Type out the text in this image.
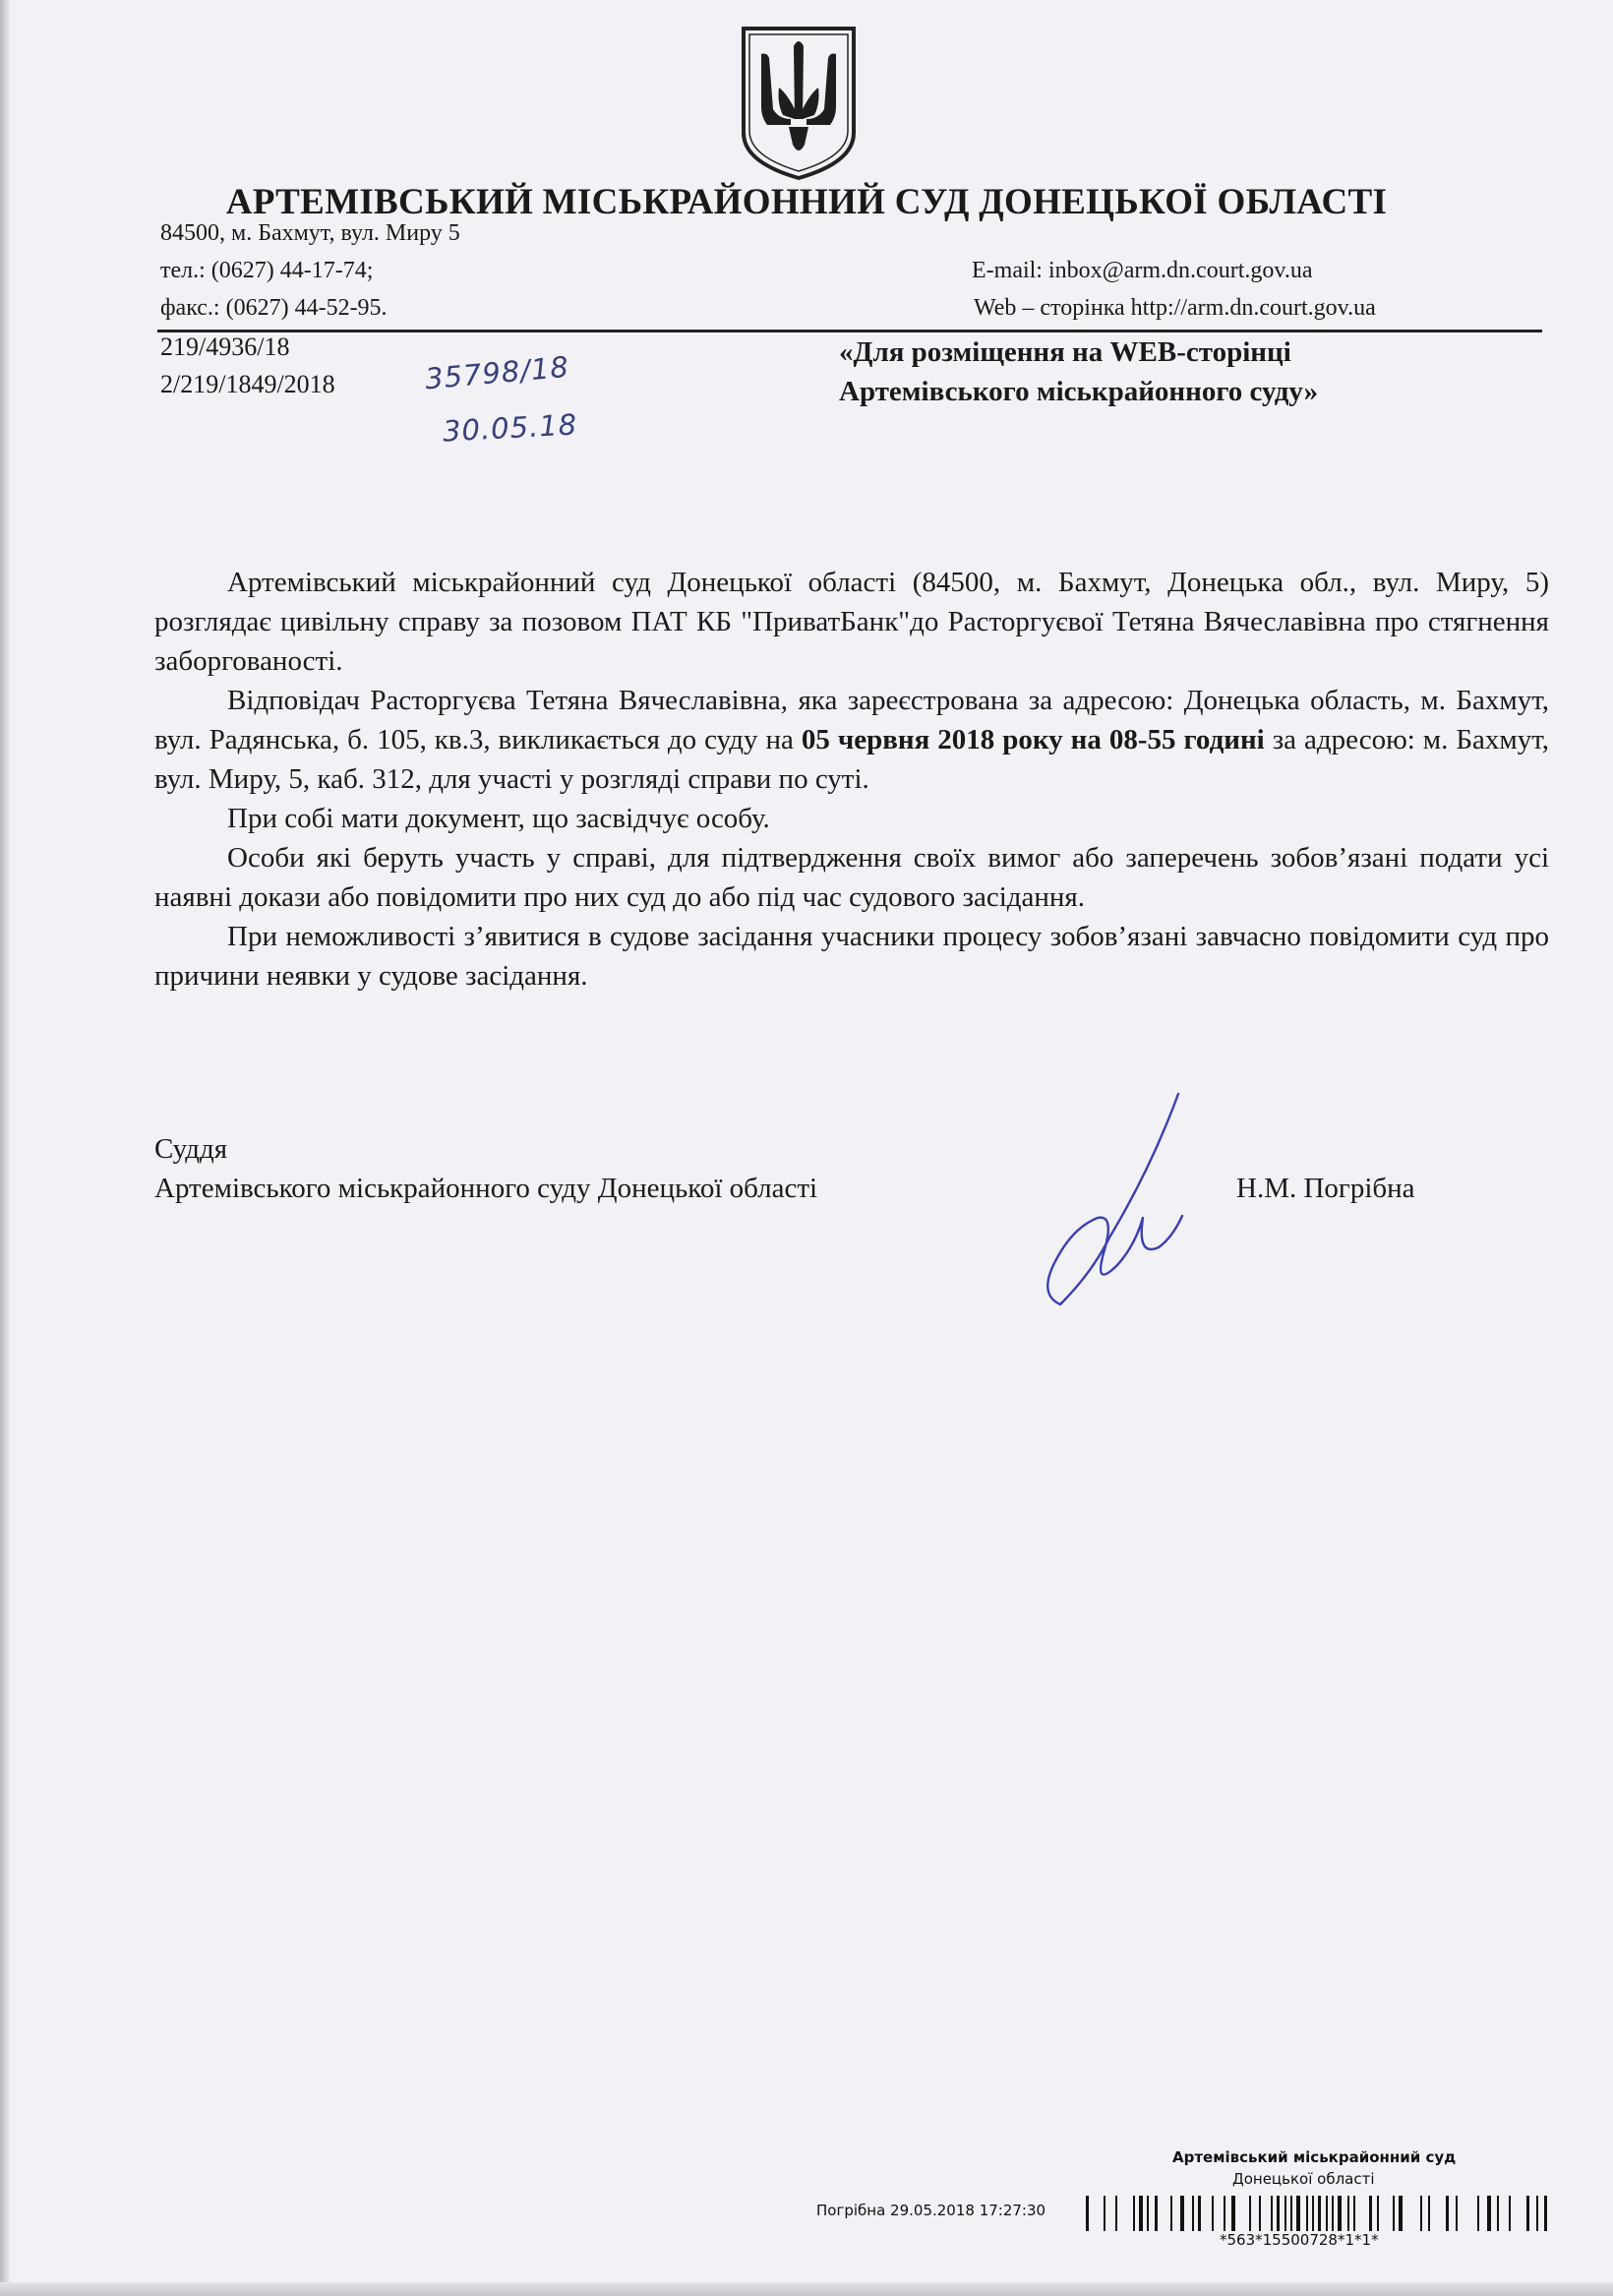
АРТЕМІВСЬКИЙ МІСЬКРАЙОННИЙ СУД ДОНЕЦЬКОЇ ОБЛАСТІ
84500, м. Бахмут, вул. Миру 5
тел.: (0627) 44-17-74;
факс.: (0627) 44-52-95.
E-mail: inbox@arm.dn.court.gov.ua
Web – сторінка http://arm.dn.court.gov.ua
219/4936/18
2/219/1849/2018	35798/18
30.05.18
«Для розміщення на WEB-сторінці
Артемівського міськрайонного суду»

Артемівський міськрайонний суд Донецької області (84500, м. Бахмут, Донецька обл., вул. Миру, 5) розглядає цивільну справу за позовом ПАТ КБ "ПриватБанк"до Расторгуєвої Тетяна Вячеславівна про стягнення заборгованості.

Відповідач Расторгуєва Тетяна Вячеславівна, яка зареєстрована за адресою: Донецька область, м. Бахмут, вул. Радянська, б. 105, кв.3, викликається до суду на 05 червня 2018 року на 08-55 годині за адресою: м. Бахмут, вул. Миру, 5, каб. 312, для участі у розгляді справи по суті.

При собі мати документ, що засвідчує особу.

Особи які беруть участь у справі, для підтвердження своїх вимог або заперечень зобов’язані подати усі наявні докази або повідомити про них суд до або під час судового засідання.

При неможливості з’явитися в судове засідання учасники процесу зобов’язані завчасно повідомити суд про причини неявки у судове засідання.

Суддя
Артемівського міськрайонного суду Донецької області	Н.М. Погрібна
Артемівський міськрайонний суд
Донецької області
Погрібна 29.05.2018 17:27:30
*563*15500728*1*1*
